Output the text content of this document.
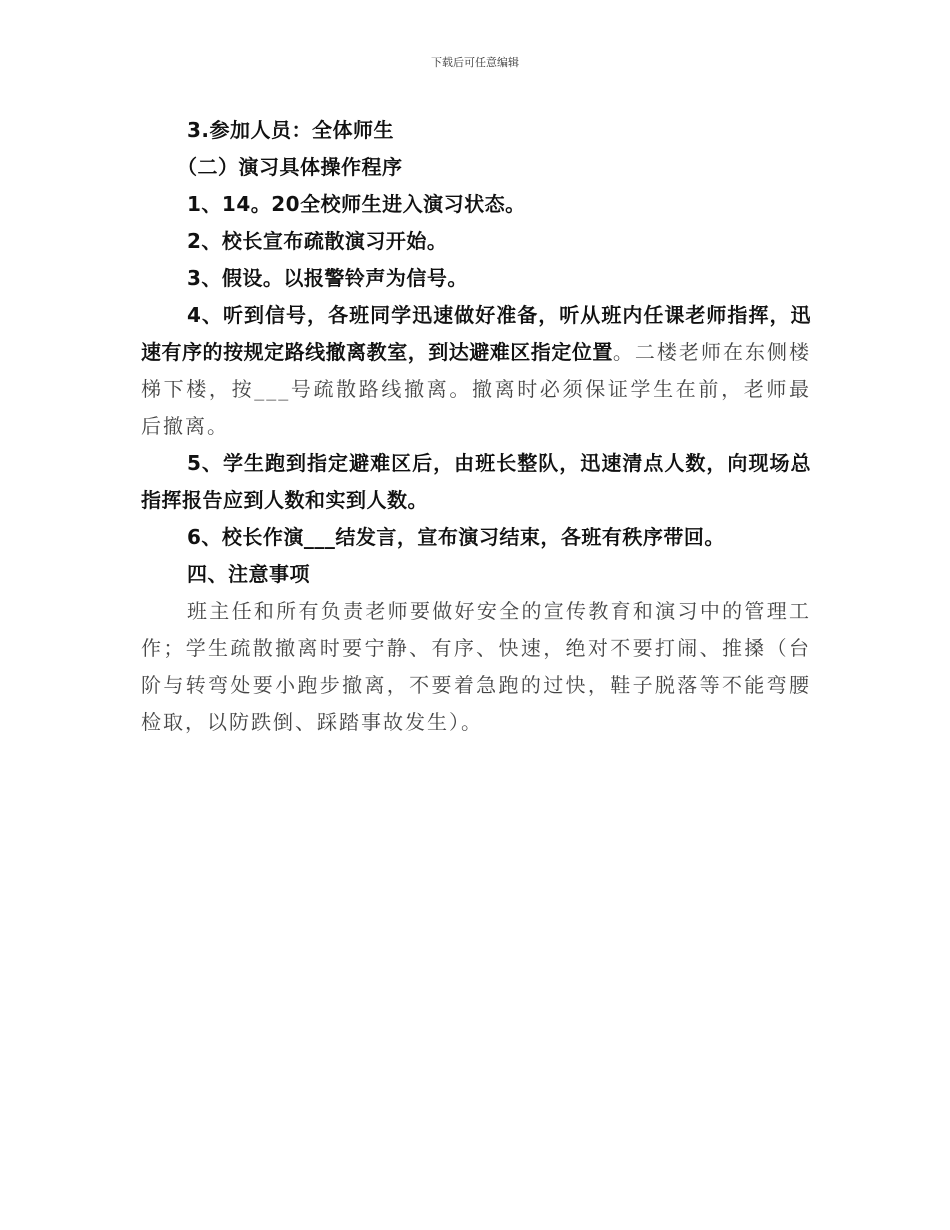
下载后可任意编辑

3.参加人员：全体师生

（二）演习具体操作程序

1、14。20全校师生进入演习状态。

2、校长宣布疏散演习开始。

3、假设。以报警铃声为信号。

4、听到信号，各班同学迅速做好准备，听从班内任课老师指挥，迅速有序的按规定路线撤离教室，到达避难区指定位置。二楼老师在东侧楼梯下楼，按___号疏散路线撤离。撤离时必须保证学生在前，老师最后撤离。

5、学生跑到指定避难区后，由班长整队，迅速清点人数，向现场总指挥报告应到人数和实到人数。

6、校长作演___结发言，宣布演习结束，各班有秩序带回。

四、注意事项

班主任和所有负责老师要做好安全的宣传教育和演习中的管理工作；学生疏散撤离时要宁静、有序、快速，绝对不要打闹、推搡（台阶与转弯处要小跑步撤离，不要着急跑的过快，鞋子脱落等不能弯腰检取，以防跌倒、踩踏事故发生）。
